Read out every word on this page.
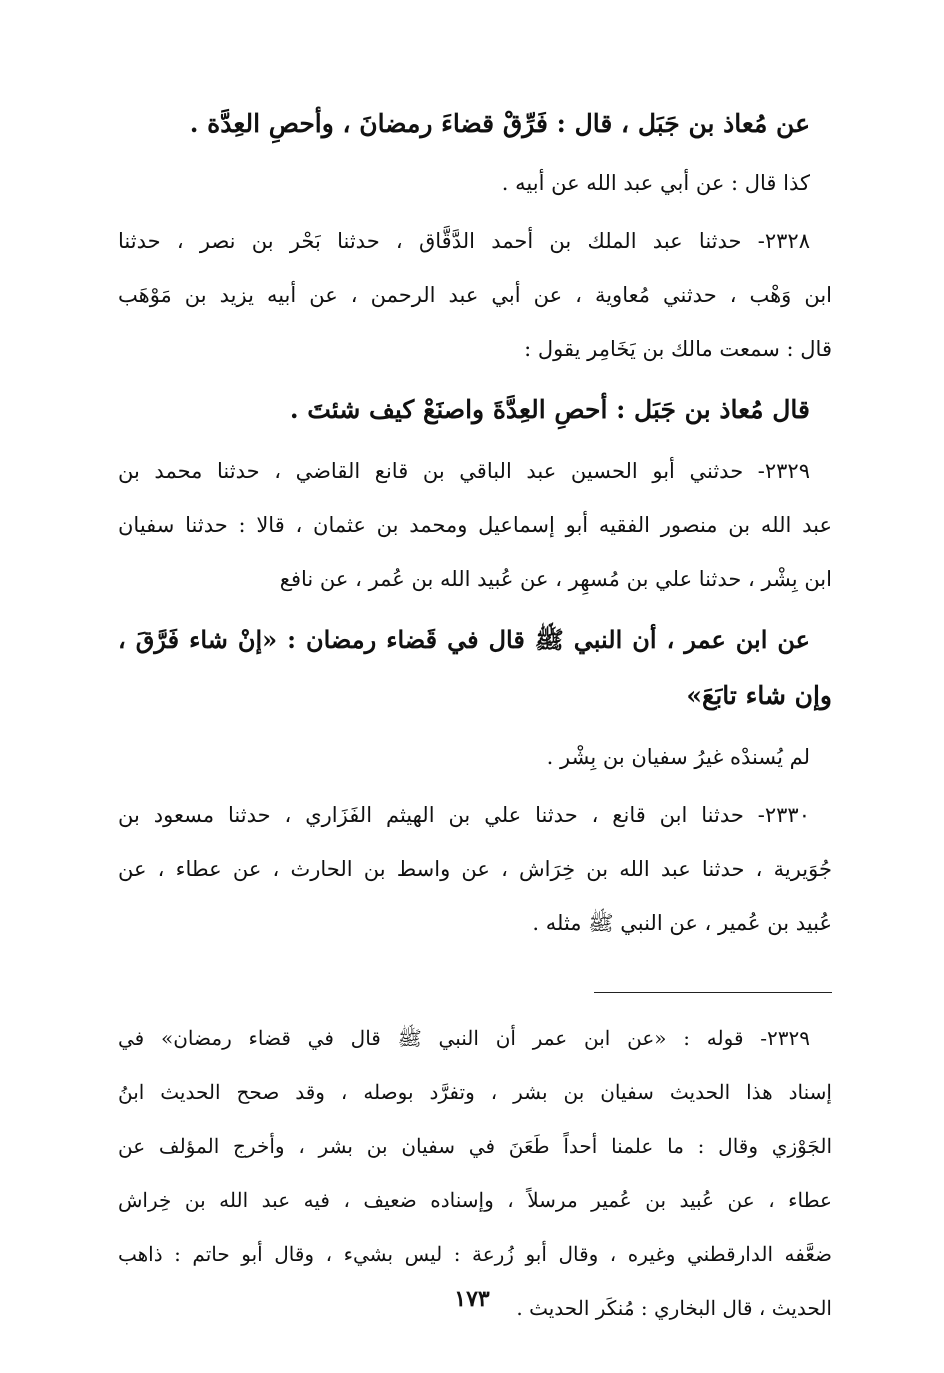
عن مُعاذ بن جَبَل ، قال : فَرِّقْ قضاءَ رمضانَ ، وأحصِ العِدَّة .

كذا قال : عن أبي عبد الله عن أبيه .

٢٣٢٨- حدثنا عبد الملك بن أحمد الدَّقَّاق ، حدثنا بَحْر بن نصر ، حدثنا
ابن وَهْب ، حدثني مُعاوية ، عن أبي عبد الرحمن ، عن أبيه يزيد بن مَوْهَب
قال : سمعت مالك بن يَخَامِر يقول :

قال مُعاذ بن جَبَل : أحصِ العِدَّةَ واصنَعْ كيف شئتَ .

٢٣٢٩- حدثني أبو الحسين عبد الباقي بن قانع القاضي ، حدثنا محمد بن
عبد الله بن منصور الفقيه أبو إسماعيل ومحمد بن عثمان ، قالا : حدثنا سفيان
ابن بِشْر ، حدثنا علي بن مُسهِر ، عن عُبيد الله بن عُمر ، عن نافع

عن ابن عمر ، أن النبي ﷺ قال في قَضاء رمضان : «إنْ شاء فَرَّقَ ،
وإن شاء تابَعَ»

لم يُسندْه غيرُ سفيان بن بِشْر .

٢٣٣٠- حدثنا ابن قانع ، حدثنا علي بن الهيثم الفَزَاري ، حدثنا مسعود بن
جُوَيرية ، حدثنا عبد الله بن خِرَاش ، عن واسط بن الحارث ، عن عطاء ، عن
عُبيد بن عُمير ، عن النبي ﷺ مثله .

٢٣٢٩- قوله : «عن ابن عمر أن النبي ﷺ قال في قضاء رمضان» في
إسناد هذا الحديث سفيان بن بشر ، وتفرَّد بوصله ، وقد صحح الحديث ابنُ
الجَوْزي وقال : ما علمنا أحداً طَعَنَ في سفيان بن بشر ، وأخرج المؤلف عن
عطاء ، عن عُبيد بن عُمير مرسلاً ، وإسناده ضعيف ، فيه عبد الله بن خِراش
ضعَّفه الدارقطني وغيره ، وقال أبو زُرعة : ليس بشيء ، وقال أبو حاتم : ذاهب
الحديث ، قال البخاري : مُنكَر الحديث .

١٧٣
